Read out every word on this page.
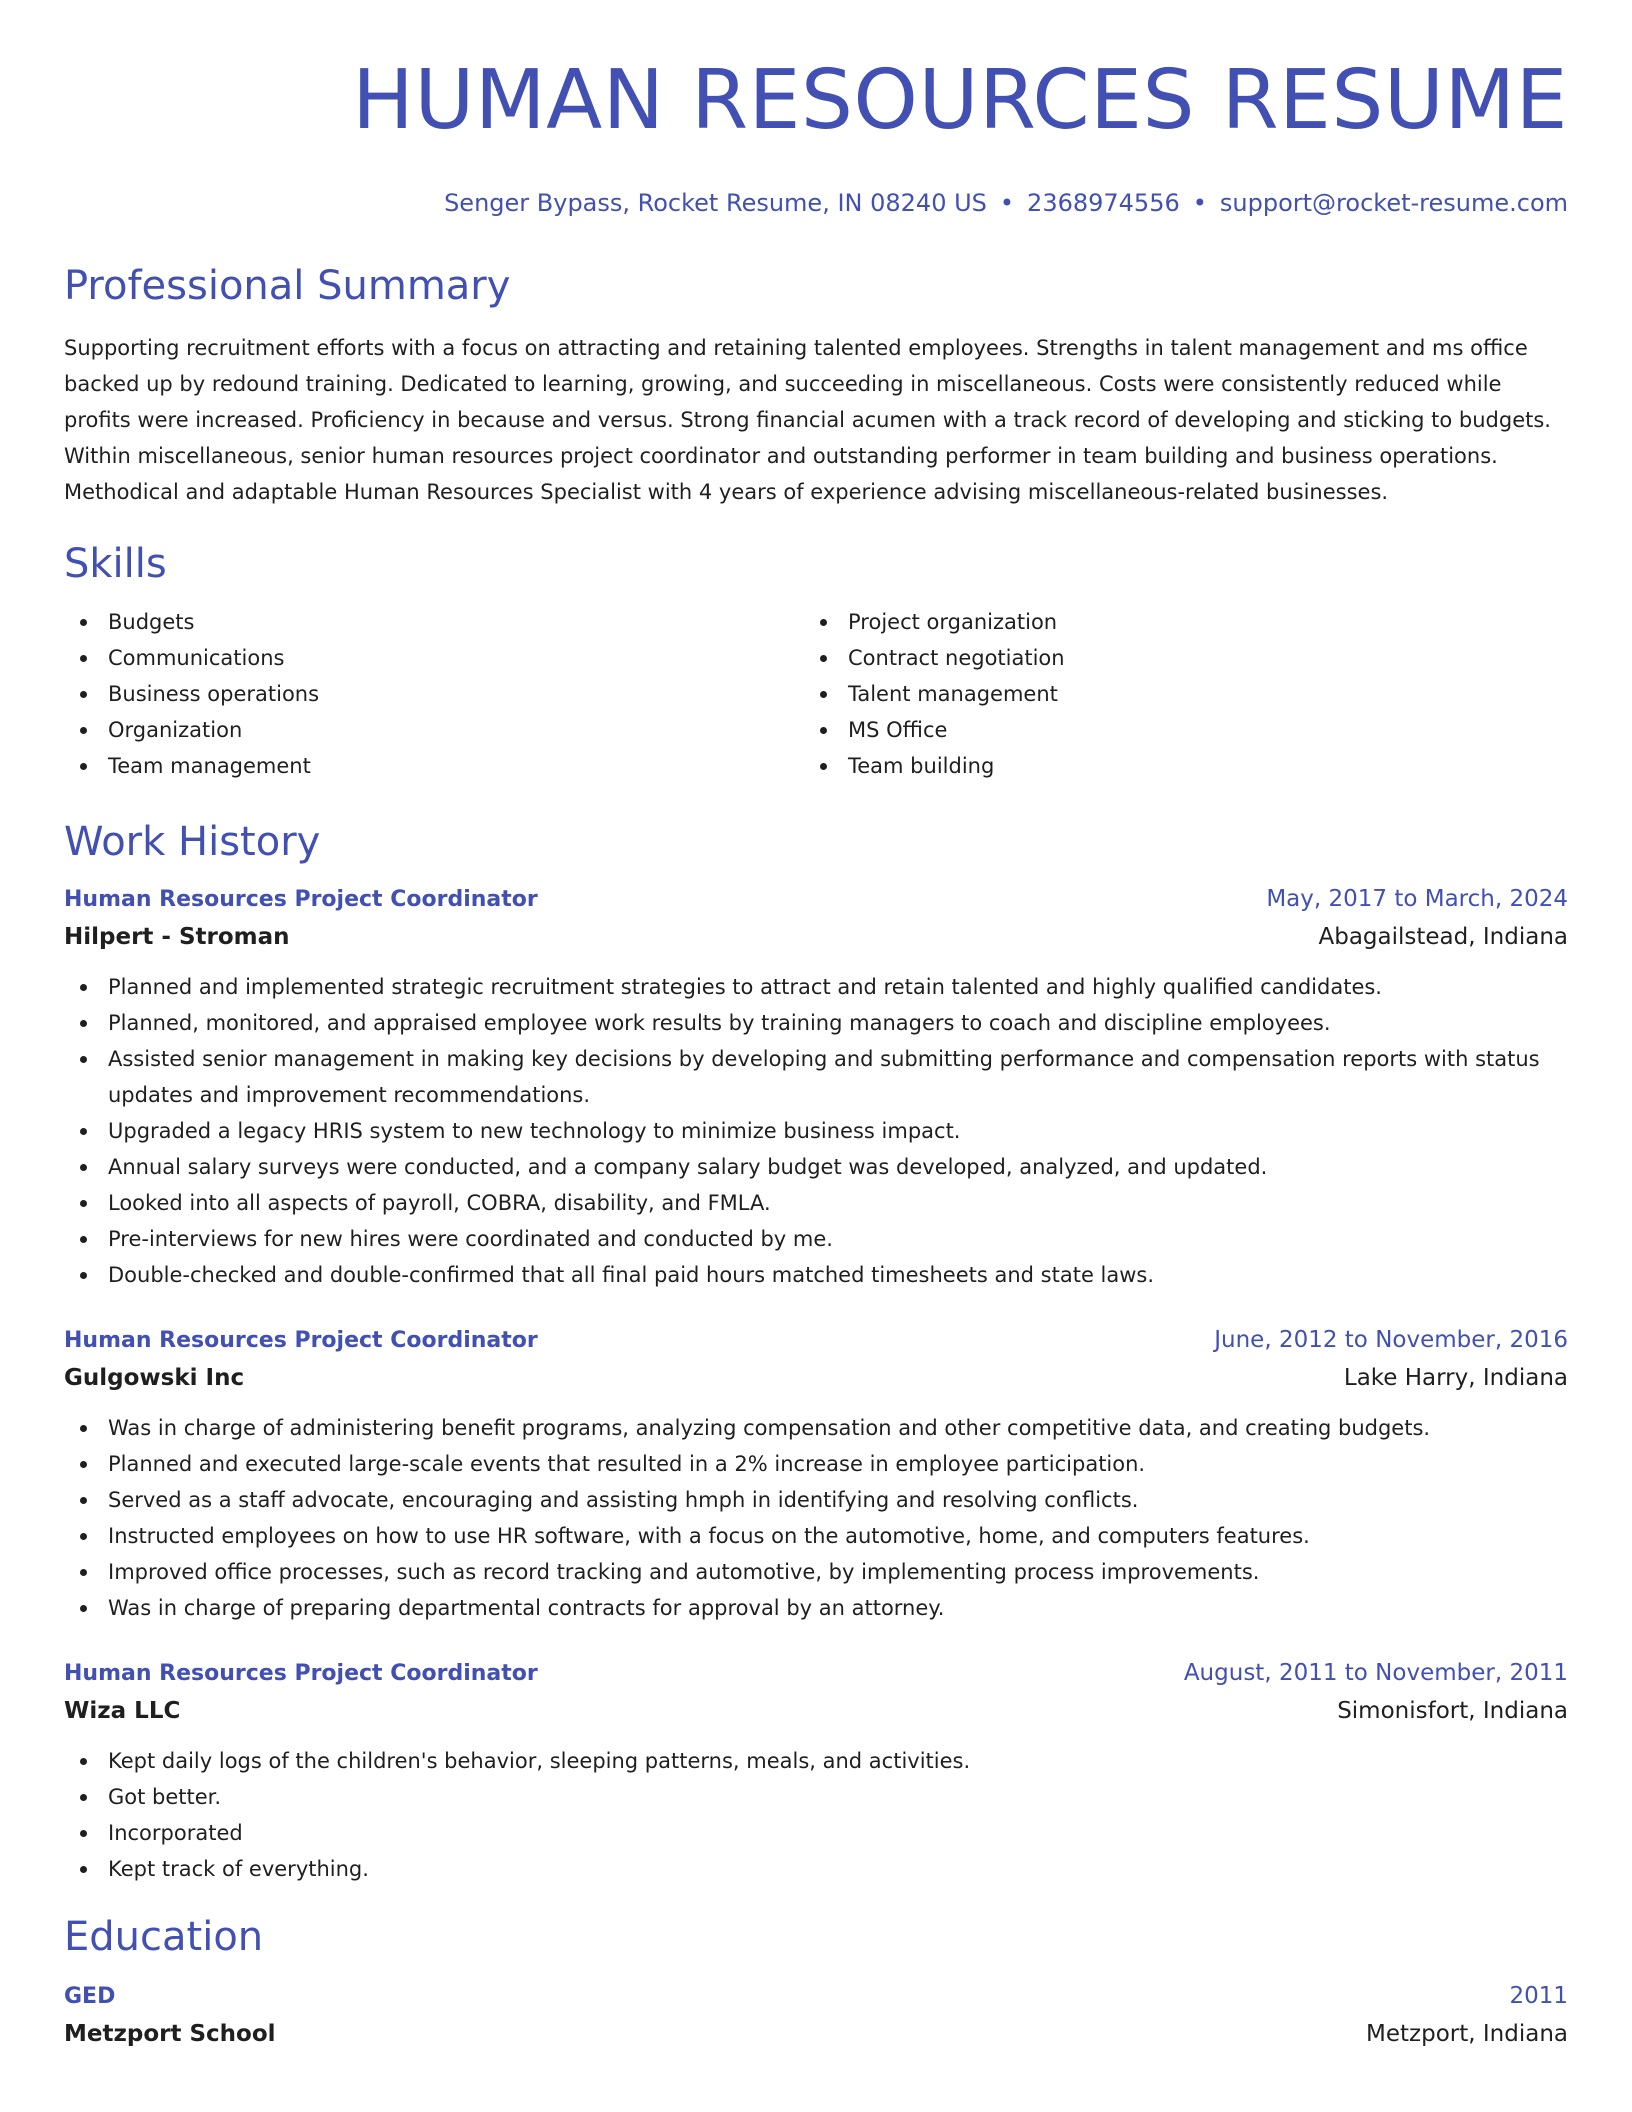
HUMAN RESOURCES RESUME
Senger Bypass, Rocket Resume, IN 08240 US • 2368974556 • support@rocket-resume.com
Professional Summary

Supporting recruitment efforts with a focus on attracting and retaining talented employees. Strengths in talent management and ms office backed up by redound training. Dedicated to learning, growing, and succeeding in miscellaneous. Costs were consistently reduced while profits were increased. Proficiency in because and versus. Strong financial acumen with a track record of developing and sticking to budgets. Within miscellaneous, senior human resources project coordinator and outstanding performer in team building and business operations. Methodical and adaptable Human Resources Specialist with 4 years of experience advising miscellaneous-related businesses.

Skills
Budgets
Communications
Business operations
Organization
Team management
Project organization
Contract negotiation
Talent management
MS Office
Team building
Work History
Human Resources Project Coordinator	May, 2017 to March, 2024
Hilpert - Stroman	Abagailstead, Indiana
Planned and implemented strategic recruitment strategies to attract and retain talented and highly qualified candidates.
Planned, monitored, and appraised employee work results by training managers to coach and discipline employees.
Assisted senior management in making key decisions by developing and submitting performance and compensation reports with status updates and improvement recommendations.
Upgraded a legacy HRIS system to new technology to minimize business impact.
Annual salary surveys were conducted, and a company salary budget was developed, analyzed, and updated.
Looked into all aspects of payroll, COBRA, disability, and FMLA.
Pre-interviews for new hires were coordinated and conducted by me.
Double-checked and double-confirmed that all final paid hours matched timesheets and state laws.
Human Resources Project Coordinator	June, 2012 to November, 2016
Gulgowski Inc	Lake Harry, Indiana
Was in charge of administering benefit programs, analyzing compensation and other competitive data, and creating budgets.
Planned and executed large-scale events that resulted in a 2% increase in employee participation.
Served as a staff advocate, encouraging and assisting hmph in identifying and resolving conflicts.
Instructed employees on how to use HR software, with a focus on the automotive, home, and computers features.
Improved office processes, such as record tracking and automotive, by implementing process improvements.
Was in charge of preparing departmental contracts for approval by an attorney.
Human Resources Project Coordinator	August, 2011 to November, 2011
Wiza LLC	Simonisfort, Indiana
Kept daily logs of the children's behavior, sleeping patterns, meals, and activities.
Got better.
Incorporated
Kept track of everything.
Education
GED	2011
Metzport School	Metzport, Indiana
